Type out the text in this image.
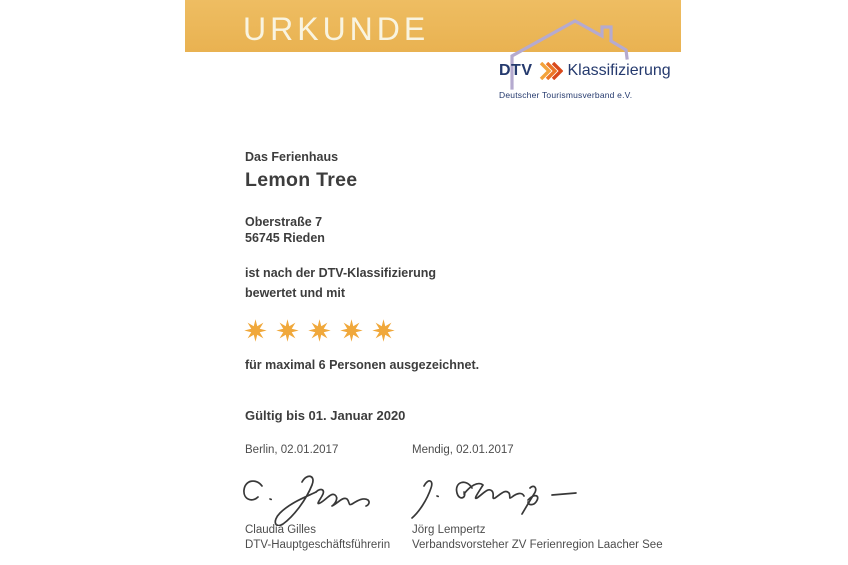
URKUNDE
DTV Klassifizierung
Deutscher Tourismusverband e.V.
Das Ferienhaus
Lemon Tree
Oberstraße 7
56745 Rieden
ist nach der DTV-Klassifizierung
bewertet und mit
für maximal 6 Personen ausgezeichnet.
Gültig bis 01. Januar 2020
Berlin, 02.01.2017	Mendig, 02.01.2017
Claudia Gilles
DTV-Hauptgeschäftsführerin
Jörg Lempertz
Verbandsvorsteher ZV Ferienregion Laacher See
